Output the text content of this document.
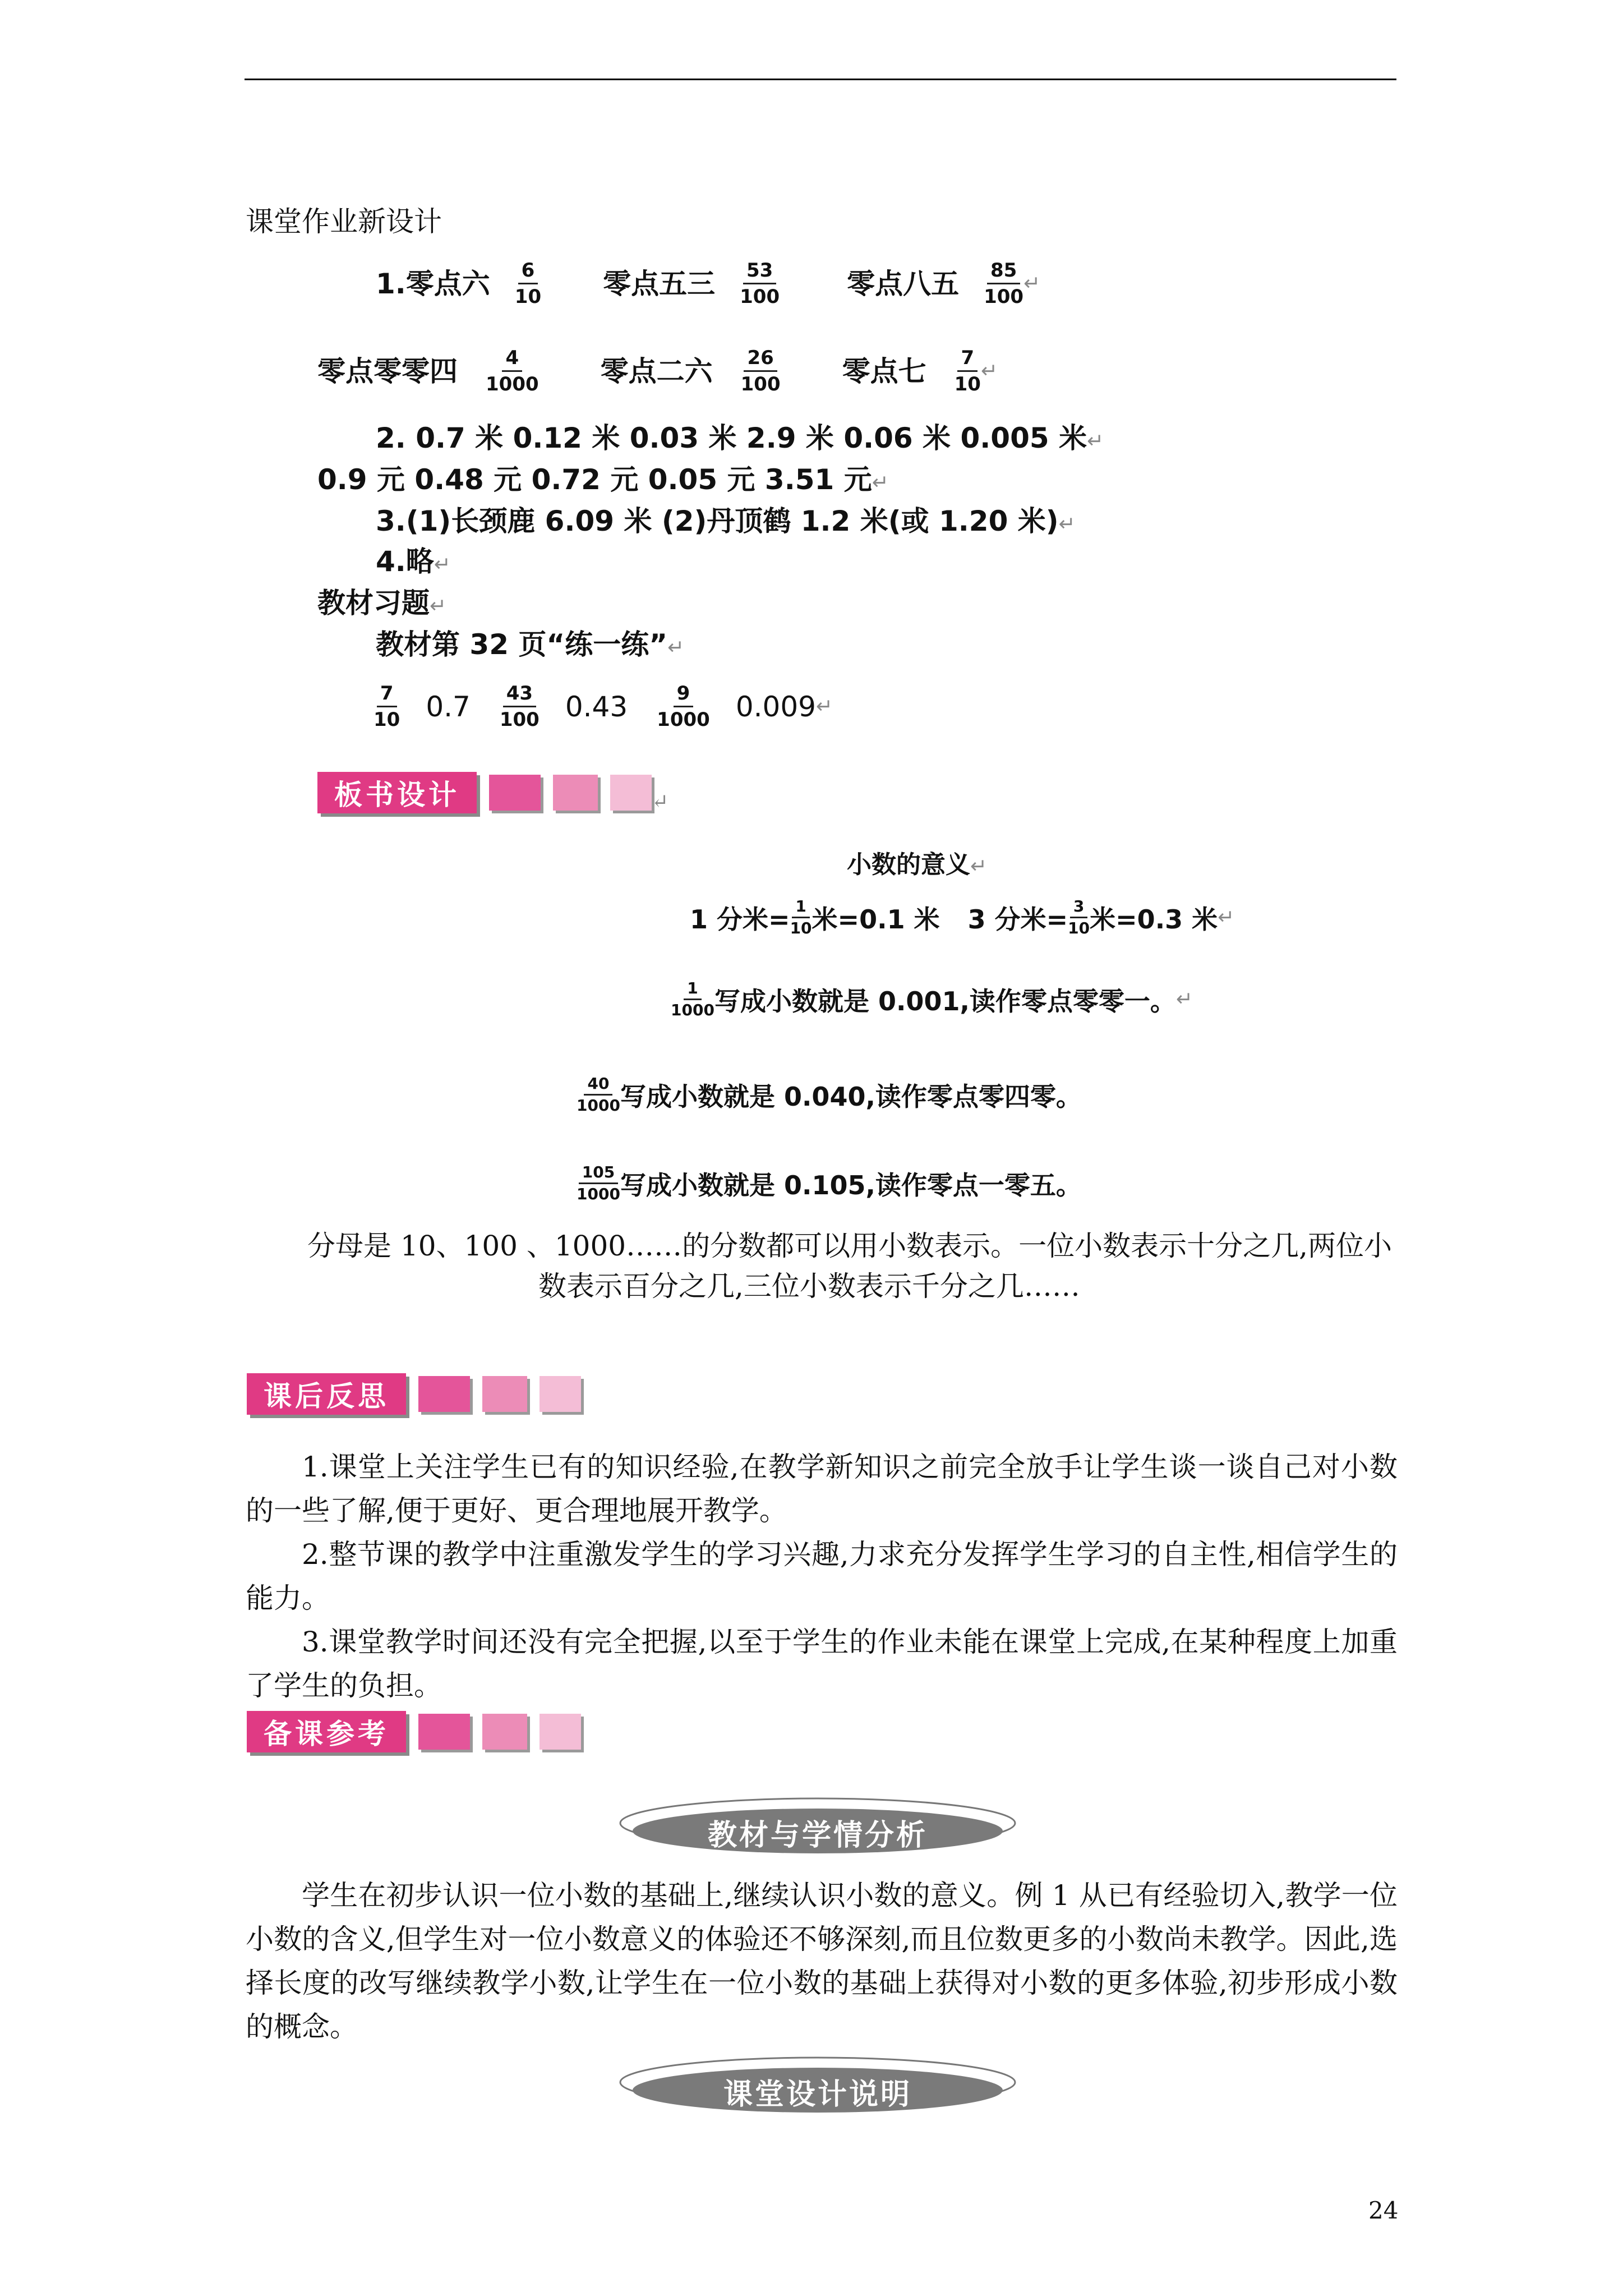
课堂作业新设计
1.零点六 $\frac{6}{10}$ 零点五三 $\frac{53}{100}$ 零点八五 $\frac{85}{100}$ ↵
零点零零四 $\frac{4}{1000}$ 零点二六 $\frac{26}{100}$ 零点七 $\frac{7}{10}$ ↵
2. 0.7 米 0.12 米 0.03 米 2.9 米 0.06 米 0.005 米↵
0.9 元 0.48 元 0.72 元 0.05 元 3.51 元↵
3.(1)长颈鹿 6.09 米 (2)丹顶鹤 1.2 米(或 1.20 米)↵
4.略↵
教材习题↵
教材第 32 页“练一练”↵
$\frac{7}{10} 0.7 \frac{43}{100} 0.43 \frac{9}{1000} 0.009$ ↵
板书设计	↵
小数的意义↵
1 分米= $\frac{1}{10}$ 米=0.1 米 3 分米= $\frac{3}{10}$ 米=0.3 米 ↵
$\frac{1}{1000}$ 写成小数就是 0.001,读作零点零零一。 ↵
$\frac{40}{1000}$ 写成小数就是 0.040,读作零点零四零。
$\frac{105}{1000}$ 写成小数就是 0.105,读作零点一零五。
分母是 10、100 、1000……的分数都可以用小数表示。一位小数表示十分之几,两位小
数表示百分之几,三位小数表示千分之几……
课后反思

1.课堂上关注学生已有的知识经验,在教学新知识之前完全放手让学生谈一谈自己对小数的一些了解,便于更好、更合理地展开教学。

2.整节课的教学中注重激发学生的学习兴趣,力求充分发挥学生学习的自主性,相信学生的能力。

3.课堂教学时间还没有完全把握,以至于学生的作业未能在课堂上完成,在某种程度上加重了学生的负担。

备课参考
教材与学情分析

学生在初步认识一位小数的基础上,继续认识小数的意义。例 1 从已有经验切入,教学一位小数的含义,但学生对一位小数意义的体验还不够深刻,而且位数更多的小数尚未教学。因此,选择长度的改写继续教学小数,让学生在一位小数的基础上获得对小数的更多体验,初步形成小数的概念。

课堂设计说明
24
